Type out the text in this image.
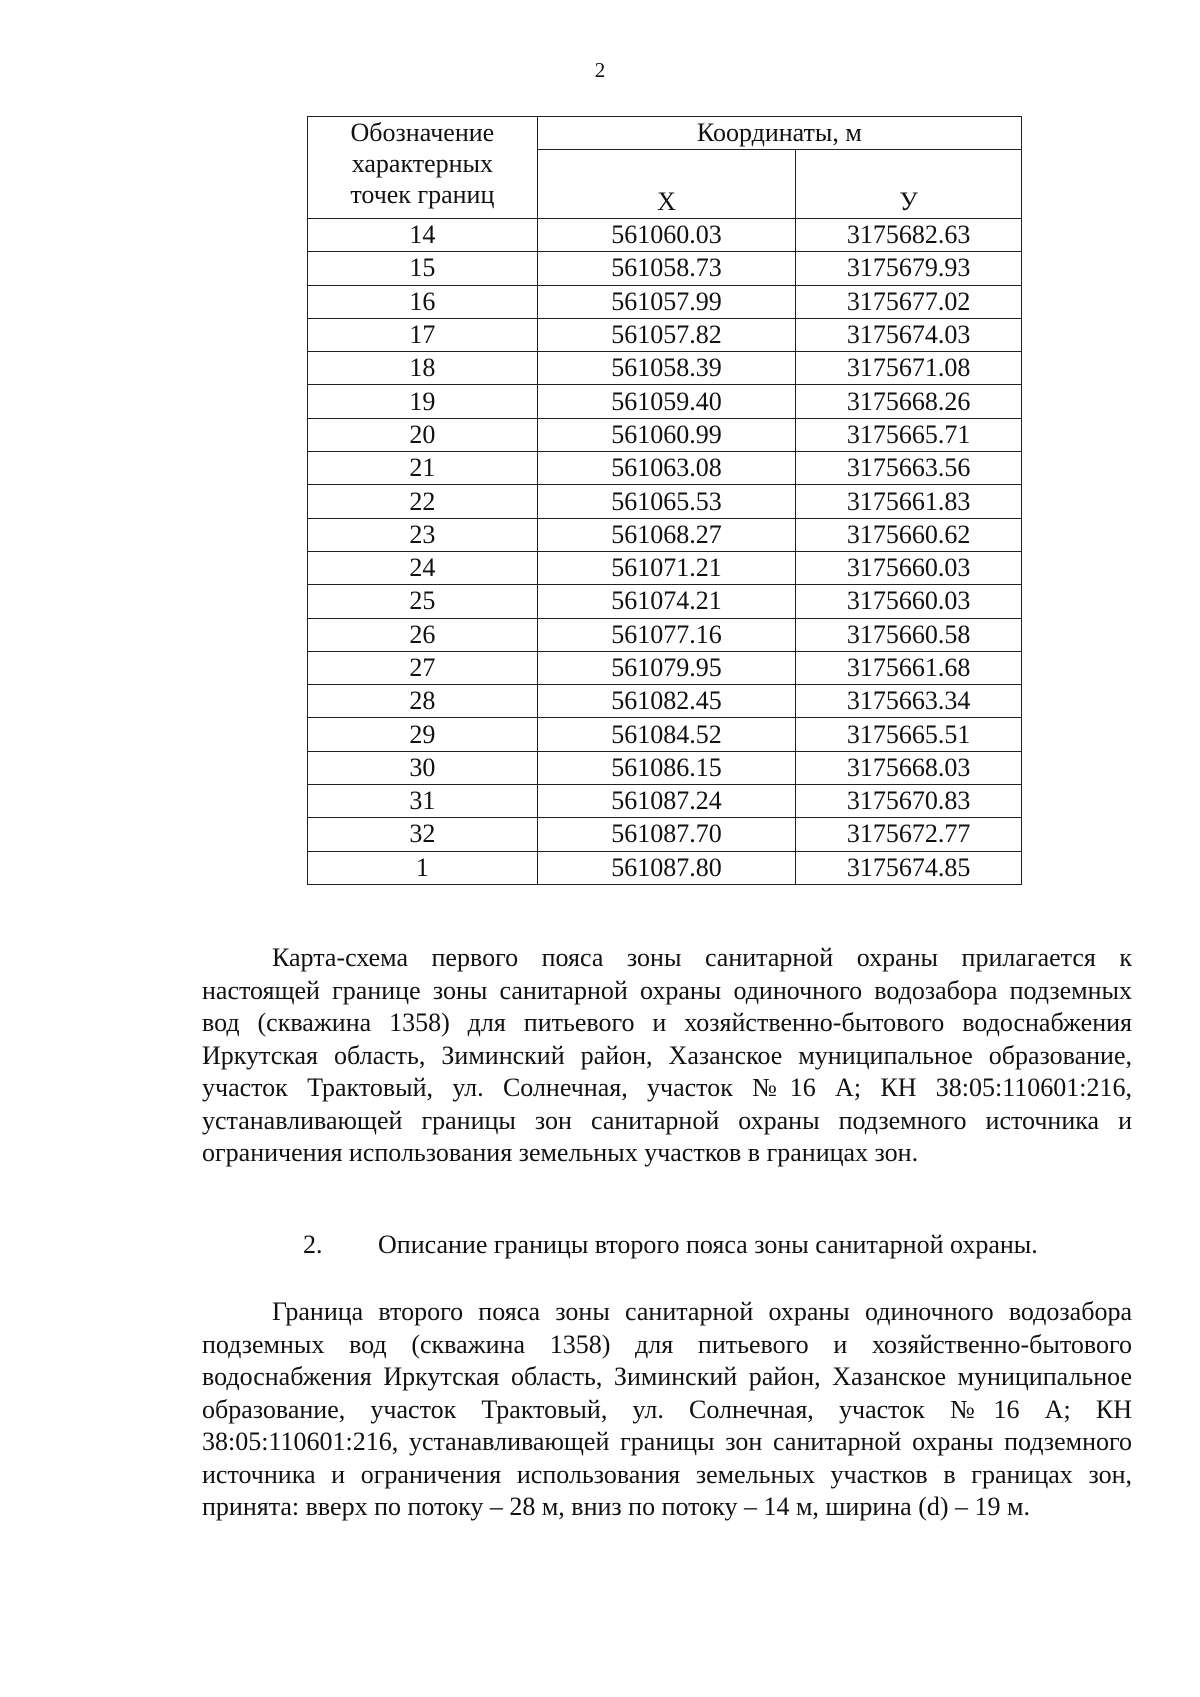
2
Обозначение
характерных
точек границ	Координаты, м	
	Х	У
14	561060.03	3175682.63
15	561058.73	3175679.93
16	561057.99	3175677.02
17	561057.82	3175674.03
18	561058.39	3175671.08
19	561059.40	3175668.26
20	561060.99	3175665.71
21	561063.08	3175663.56
22	561065.53	3175661.83
23	561068.27	3175660.62
24	561071.21	3175660.03
25	561074.21	3175660.03
26	561077.16	3175660.58
27	561079.95	3175661.68
28	561082.45	3175663.34
29	561084.52	3175665.51
30	561086.15	3175668.03
31	561087.24	3175670.83
32	561087.70	3175672.77
1	561087.80	3175674.85

Карта-схема первого пояса зоны санитарной охраны прилагается к настоящей границе зоны санитарной охраны одиночного водозабора подземных вод (скважина 1358) для питьевого и хозяйственно-бытового водоснабжения Иркутская область, Зиминский район, Хазанское муниципальное образование, участок Трактовый, ул. Солнечная, участок №16 А; КН 38:05:110601:216, устанавливающей границы зон санитарной охраны подземного источника и ограничения использования земельных участков в границах зон.

2. Описание границы второго пояса зоны санитарной охраны.

Граница второго пояса зоны санитарной охраны одиночного водозабора подземных вод (скважина 1358) для питьевого и хозяйственно-бытового водоснабжения Иркутская область, Зиминский район, Хазанское муниципальное образование, участок Трактовый, ул. Солнечная, участок №16 А; КН 38:05:110601:216, устанавливающей границы зон санитарной охраны подземного источника и ограничения использования земельных участков в границах зон, принята: вверх по потоку – 28 м, вниз по потоку – 14 м, ширина (d) – 19 м.
